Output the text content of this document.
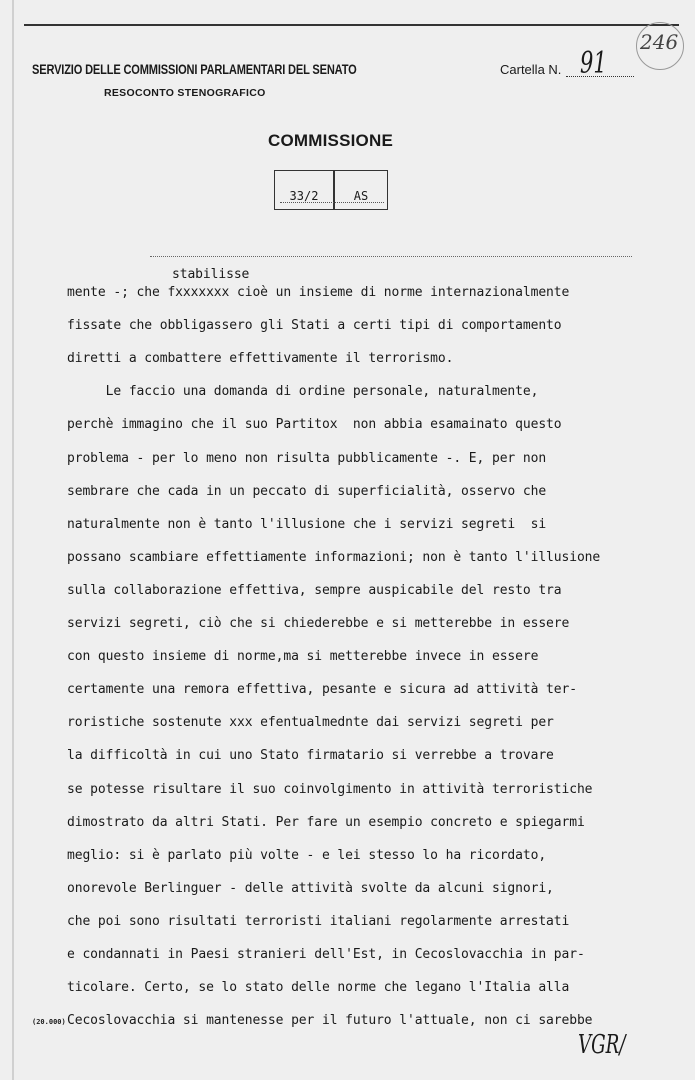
SERVIZIO DELLE COMMISSIONI PARLAMENTARI DEL SENATO
RESOCONTO STENOGRAFICO
Cartella N. 91
246
COMMISSIONE
33/2	AS
stabilisse
mente -; che fxxxxxxx cioè un insieme di norme internazionalmente
fissate che obbligassero gli Stati a certi tipi di comportamento
diretti a combattere effettivamente il terrorismo.
Le faccio una domanda di ordine personale, naturalmente,
perchè immagino che il suo Partitox  non abbia esamainato questo
problema - per lo meno non risulta pubblicamente -. E, per non
sembrare che cada in un peccato di superficialità, osservo che
naturalmente non è tanto l'illusione che i servizi segreti  si
possano scambiare effettiamente informazioni; non è tanto l'illusione
sulla collaborazione effettiva, sempre auspicabile del resto tra
servizi segreti, ciò che si chiederebbe e si metterebbe in essere
con questo insieme di norme,ma si metterebbe invece in essere
certamente una remora effettiva, pesante e sicura ad attività ter-
roristiche sostenute xxx efentualmednte dai servizi segreti per
la difficoltà in cui uno Stato firmatario si verrebbe a trovare
se potesse risultare il suo coinvolgimento in attività terroristiche
dimostrato da altri Stati. Per fare un esempio concreto e spiegarmi
meglio: si è parlato più volte - e lei stesso lo ha ricordato,
onorevole Berlinguer - delle attività svolte da alcuni signori,
che poi sono risultati terroristi italiani regolarmente arrestati
e condannati in Paesi stranieri dell'Est, in Cecoslovacchia in par-
ticolare. Certo, se lo stato delle norme che legano l'Italia alla
Cecoslovacchia si mantenesse per il futuro l'attuale, non ci sarebbe
(20.000)
VGR/
